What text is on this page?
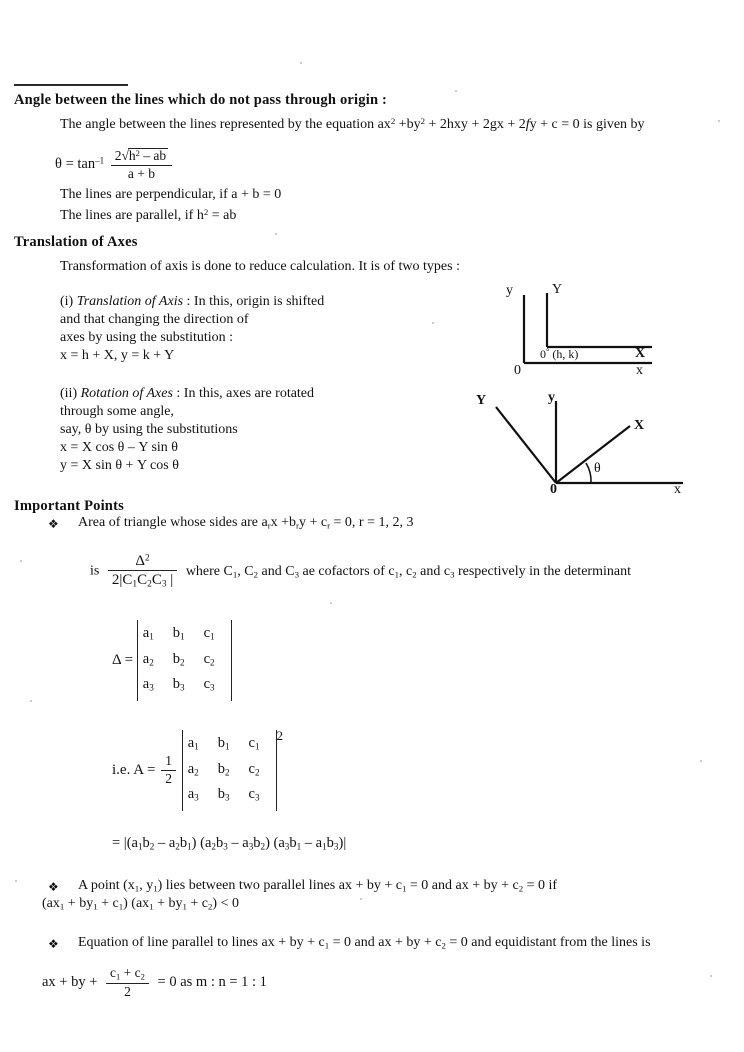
Angle between the lines which do not pass through origin :
The angle between the lines represented by the equation $ax^2 +by^2 + 2hxy + 2gx + 2fy + c = 0$ is given by
$\theta = \tan^{-1} \frac{2√h^2 - ab}{a + b}$
The lines are perpendicular, if a + b = 0
The lines are parallel, if $h^2$ = ab
Translation of Axes
Transformation of axis is done to reduce calculation. It is of two types :
(i) Translation of Axis : In this, origin is shifted
and that changing the direction of
axes by using the substitution :
x = h + X, y = k + Y
(ii) Rotation of Axes : In this, axes are rotated
through some angle,
say, θ by using the substitutions
x = X cos θ – Y sin θ
y = X sin θ + Y cos θ
y	Y
0
0° (h, k)	X
x
Y	y
X
θ
0	x
Important Points
❖ Area of triangle whose sides are $a_rx +b_ry + c_r = 0$, r = 1, 2, 3
is $\frac{\Delta^2}{2|C_1C_2C_3 |}$ where $C_1$, $C_2$ and $C_3$ ae cofactors of $c_1$, $c_2$ and $c_3$ respectively in the determinant
Δ =
$a_1$	$b_1$	$c_1$
$a_2$	$b_2$	$c_2$
$a_3$	$b_3$	$c_3$
i.e. $A = \frac{1}{2}$

$a_1$	$b_1$	$c_1$
$a_2$	$b_2$	$c_2$
$a_3$	$b_3$	$c_3$
2
= $|(a_1b_2 - a_2b_1)$ $(a_2b_3 - a_3b_2)$ $(a_3b_1 - a_1b_3)|$
❖ A point ($x_1$, $y_1$) lies between two parallel lines ax + by + $c_1 = 0$ and ax + by + $c_2 = 0$ if
$(ax_1 + by_1 + c_1) (ax_1 + by_1 + c_2) < 0$
❖ Equation of line parallel to lines ax + by + $c_1 = 0$ and ax + by + $c_2 = 0$ and equidistant from the lines is
ax + by + $\frac{c_1 + c_2}{2} = 0$ as m : n = 1 : 1
